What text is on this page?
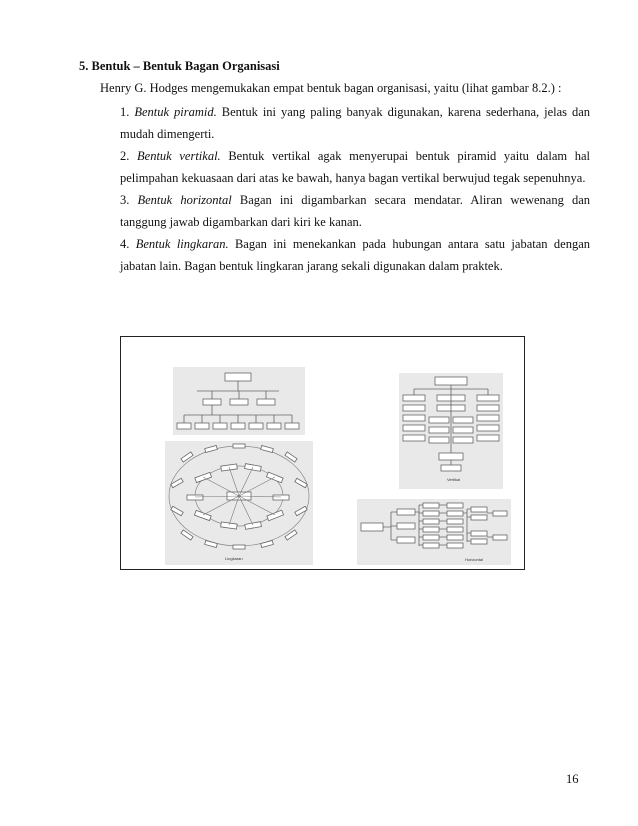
5. Bentuk – Bentuk Bagan Organisasi
Henry G. Hodges mengemukakan empat bentuk bagan organisasi, yaitu (lihat gambar 8.2.) :
1. Bentuk piramid. Bentuk ini yang paling banyak digunakan, karena sederhana, jelas dan
mudah dimengerti.
2. Bentuk vertikal. Bentuk vertikal agak menyerupai bentuk piramid yaitu dalam hal
pelimpahan kekuasaan dari atas ke bawah, hanya bagan vertikal berwujud tegak sepenuhnya.
3. Bentuk horizontal Bagan ini digambarkan secara mendatar. Aliran wewenang dan
tanggung jawab digambarkan dari kiri ke kanan.
4. Bentuk lingkaran. Bagan ini menekankan pada hubungan antara satu jabatan dengan
jabatan lain. Bagan bentuk lingkaran jarang sekali digunakan dalam praktek.
Vertikal
Lingkaran	Horizontal
16
